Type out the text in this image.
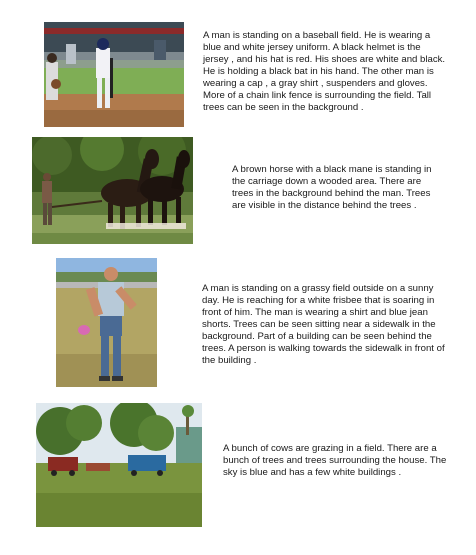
A man is standing on a baseball field. He is wearing a blue and white jersey uniform. A black helmet is the jersey , and his hat is red. His shoes are white and black. He is holding a black bat in his hand. The other man is wearing a cap , a gray shirt , suspenders and gloves. More of a chain link fence is surrounding the field. Tall trees can be seen in the background .

A brown horse with a black mane is standing in the carriage down a wooded area. There are trees in the background behind the man. Trees are visible in the distance behind the trees .

A man is standing on a grassy field outside on a sunny day. He is reaching for a white frisbee that is soaring in front of him. The man is wearing a shirt and blue jean shorts. Trees can be seen sitting near a sidewalk in the background. Part of a building can be seen behind the trees. A person is walking towards the sidewalk in front of the building .

A bunch of cows are grazing in a field. There are a bunch of trees and trees surrounding the house. The sky is blue and has a few white buildings .
